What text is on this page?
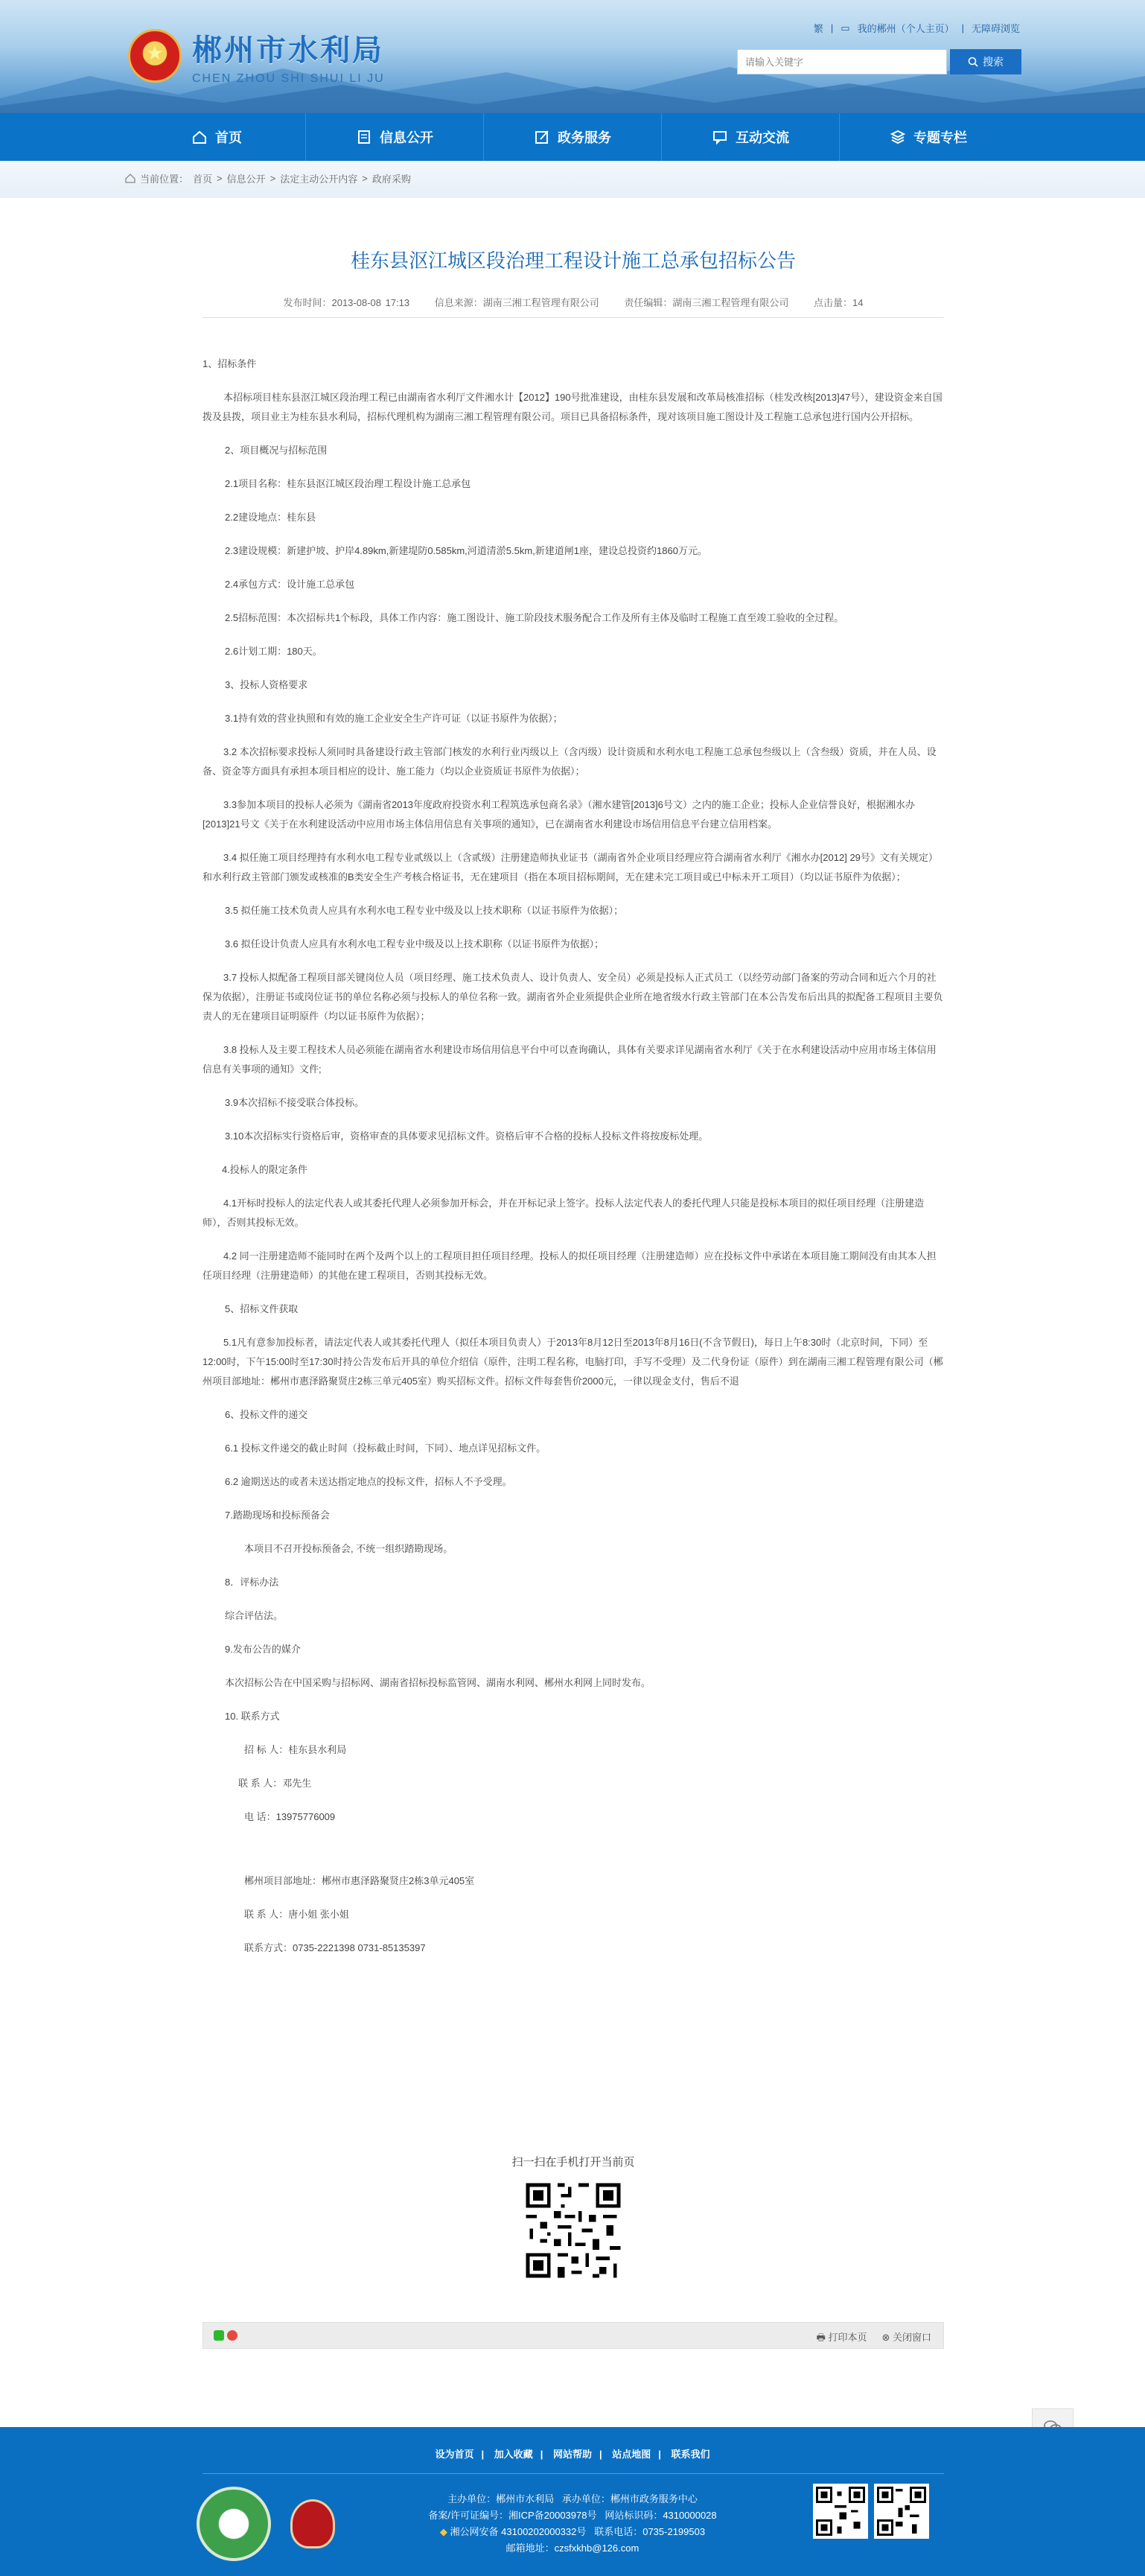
★
郴州市水利局
CHEN ZHOU SHI SHUI LI JU
繁 | ▭ 我的郴州（个人主页） | 无障碍浏览
请输入关键字
搜索
首页	信息公开	政务服务	互动交流	专题专栏
当前位置： 首页 > 信息公开 > 法定主动公开内容 > 政府采购
桂东县沤江城区段治理工程设计施工总承包招标公告
发布时间：2013-08-08 17:13	信息来源：湖南三湘工程管理有限公司	责任编辑：湖南三湘工程管理有限公司	点击量：14

1、招标条件

本招标项目桂东县沤江城区段治理工程已由湖南省水利厅文件湘水计【2012】190号批准建设，由桂东县发展和改革局核准招标（桂发改核[2013]47号），建设资金来自国拨及县拨，项目业主为桂东县水利局，招标代理机构为湖南三湘工程管理有限公司。项目已具备招标条件，现对该项目施工图设计及工程施工总承包进行国内公开招标。

2、项目概况与招标范围

2.1项目名称：桂东县沤江城区段治理工程设计施工总承包

2.2建设地点：桂东县

2.3建设规模：新建护坡、护岸4.89km,新建堤防0.585km,河道清淤5.5km,新建道闸1座，建设总投资约1860万元。

2.4承包方式：设计施工总承包

2.5招标范围：本次招标共1个标段，具体工作内容：施工图设计、施工阶段技术服务配合工作及所有主体及临时工程施工直至竣工验收的全过程。

2.6计划工期：180天。

3、投标人资格要求

3.1持有效的营业执照和有效的施工企业安全生产许可证（以证书原件为依据）；

3.2 本次招标要求投标人须同时具备建设行政主管部门核发的水利行业丙级以上（含丙级）设计资质和水利水电工程施工总承包叁级以上（含叁级）资质，并在人员、设备、资金等方面具有承担本项目相应的设计、施工能力（均以企业资质证书原件为依据）；

3.3参加本项目的投标人必须为《湖南省2013年度政府投资水利工程筑选承包商名录》（湘水建管[2013]6号文）之内的施工企业；投标人企业信誉良好，根据湘水办[2013]21号文《关于在水利建设活动中应用市场主体信用信息有关事项的通知》，已在湖南省水利建设市场信用信息平台建立信用档案。

3.4 拟任施工项目经理持有水利水电工程专业贰级以上（含贰级）注册建造师执业证书（湖南省外企业项目经理应符合湖南省水利厅《湘水办[2012] 29号》文有关规定）和水利行政主管部门颁发或核准的B类安全生产考核合格证书，无在建项目（指在本项目招标期间，无在建未完工项目或已中标未开工项目）（均以证书原件为依据）；

3.5 拟任施工技术负责人应具有水利水电工程专业中级及以上技术职称（以证书原件为依据）；

3.6 拟任设计负责人应具有水利水电工程专业中级及以上技术职称（以证书原件为依据）；

3.7 投标人拟配备工程项目部关键岗位人员（项目经理、施工技术负责人、设计负责人、安全员）必须是投标人正式员工（以经劳动部门备案的劳动合同和近六个月的社保为依据），注册证书或岗位证书的单位名称必须与投标人的单位名称一致。湖南省外企业须提供企业所在地省级水行政主管部门在本公告发布后出具的拟配备工程项目主要负责人的无在建项目证明原件（均以证书原件为依据）；

3.8 投标人及主要工程技术人员必须能在湖南省水利建设市场信用信息平台中可以查询确认，具体有关要求详见湖南省水利厅《关于在水利建设活动中应用市场主体信用信息有关事项的通知》文件;

3.9本次招标不接受联合体投标。

3.10本次招标实行资格后审，资格审查的具体要求见招标文件。资格后审不合格的投标人投标文件将按废标处理。

4.投标人的限定条件

4.1开标时投标人的法定代表人或其委托代理人必须参加开标会，并在开标记录上签字。投标人法定代表人的委托代理人只能是投标本项目的拟任项目经理（注册建造师），否则其投标无效。

4.2 同一注册建造师不能同时在两个及两个以上的工程项目担任项目经理。投标人的拟任项目经理（注册建造师）应在投标文件中承诺在本项目施工期间没有由其本人担任项目经理（注册建造师）的其他在建工程项目，否则其投标无效。

5、招标文件获取

5.1凡有意参加投标者，请法定代表人或其委托代理人（拟任本项目负责人）于2013年8月12日至2013年8月16日(不含节假日)，每日上午8:30时（北京时间，下同）至12:00时，下午15:00时至17:30时持公告发布后开具的单位介绍信（原件，注明工程名称，电脑打印，手写不受理）及二代身份证（原件）到在湖南三湘工程管理有限公司（郴州项目部地址：郴州市惠泽路聚贤庄2栋三单元405室）购买招标文件。招标文件每套售价2000元，一律以现金支付，售后不退

6、投标文件的递交

6.1 投标文件递交的截止时间（投标截止时间，下同）、地点详见招标文件。

6.2 逾期送达的或者未送达指定地点的投标文件，招标人不予受理。

7.踏勘现场和投标预备会

本项目不召开投标预备会, 不统一组织踏勘现场。

8．评标办法

综合评估法。

9.发布公告的媒介

本次招标公告在中国采购与招标网、湖南省招标投标监管网、湖南水利网、郴州水利网上同时发布。

10. 联系方式

招 标 人：桂东县水利局

联 系 人：邓先生

电 话：13975776009

郴州项目部地址：郴州市惠泽路聚贤庄2栋3单元405室

联 系 人：唐小姐 张小姐

联系方式：0735-2221398 0731-85135397

扫一扫在手机打开当前页
🖶 打印本页 ⊗ 关闭窗口
设为首页 | 加入收藏 | 网站帮助 | 站点地图 | 联系我们
主办单位：郴州市水利局 承办单位：郴州市政务服务中心
备案/许可证编号：湘ICP备20003978号 网站标识码：4310000028
◆ 湘公网安备 43100202000332号 联系电话：0735-2199503
邮箱地址：czsfxkhb@126.com
